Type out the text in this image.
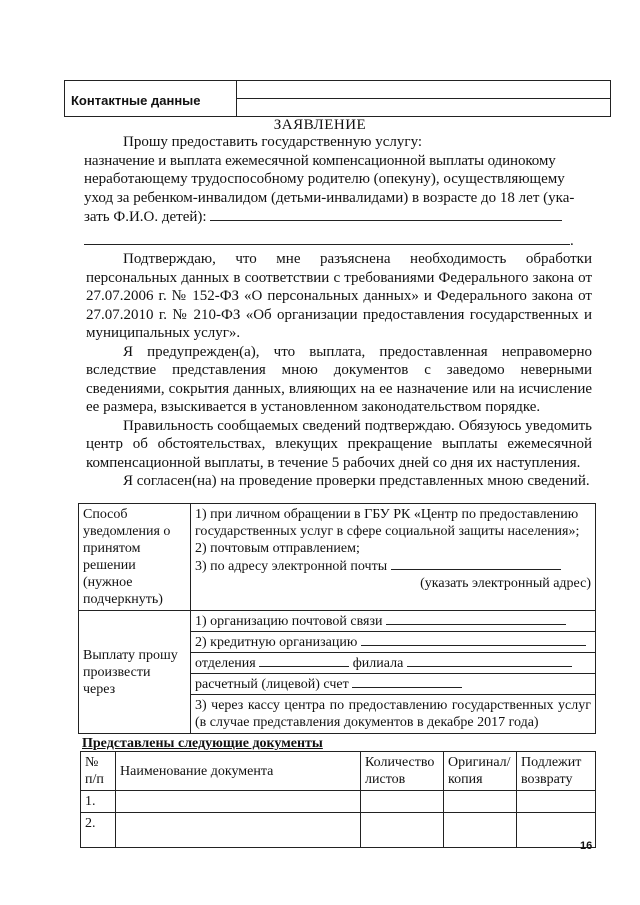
Контактные данные
ЗАЯВЛЕНИЕ
Прошу предоставить государственную услугу:
назначение и выплата ежемесячной компенсационной выплаты одинокому
неработающему трудоспособному родителю (опекуну), осуществляющему
уход за ребенком-инвалидом (детьми-инвалидами) в возрасте до 18 лет (ука-
зать Ф.И.О. детей):
.
Подтверждаю, что мне разъяснена необходимость обработки персональных данных в соответствии с требованиями Федерального закона от 27.07.2006 г. № 152-ФЗ «О персональных данных» и Федерального закона от 27.07.2010 г. № 210-ФЗ «Об организации предоставления государственных и муниципальных услуг».
Я предупрежден(а), что выплата, предоставленная неправомерно вследствие представления мною документов с заведомо неверными сведениями, сокрытия данных, влияющих на ее назначение или на исчисление ее размера, взыскивается в установленном законодательством порядке.
Правильность сообщаемых сведений подтверждаю. Обязуюсь уведомить центр об обстоятельствах, влекущих прекращение выплаты ежемесячной компенсационной выплаты, в течение 5 рабочих дней со дня их наступления.
Я согласен(на) на проведение проверки представленных мною сведений.
Способ уведомления о принятом решении (нужное подчеркнуть)	1) при личном обращении в ГБУ РК «Центр по предоставлению государственных услуг в сфере социальной защиты населения»;
2) почтовым отправлением;
3) по адресу электронной почты
(указать электронный адрес)

Выплату прошу произвести через	1) организацию почтовой связи
	2) кредитную организацию
	отделения филиала
	расчетный (лицевой) счет
	3) через кассу центра по предоставлению государственных услуг (в случае представления документов в декабре 2017 года)
Представлены следующие документы
№ п/п	Наименование документа	Количество листов	Оригинал/копия	Подлежит возврату
1.				
2.				
16
